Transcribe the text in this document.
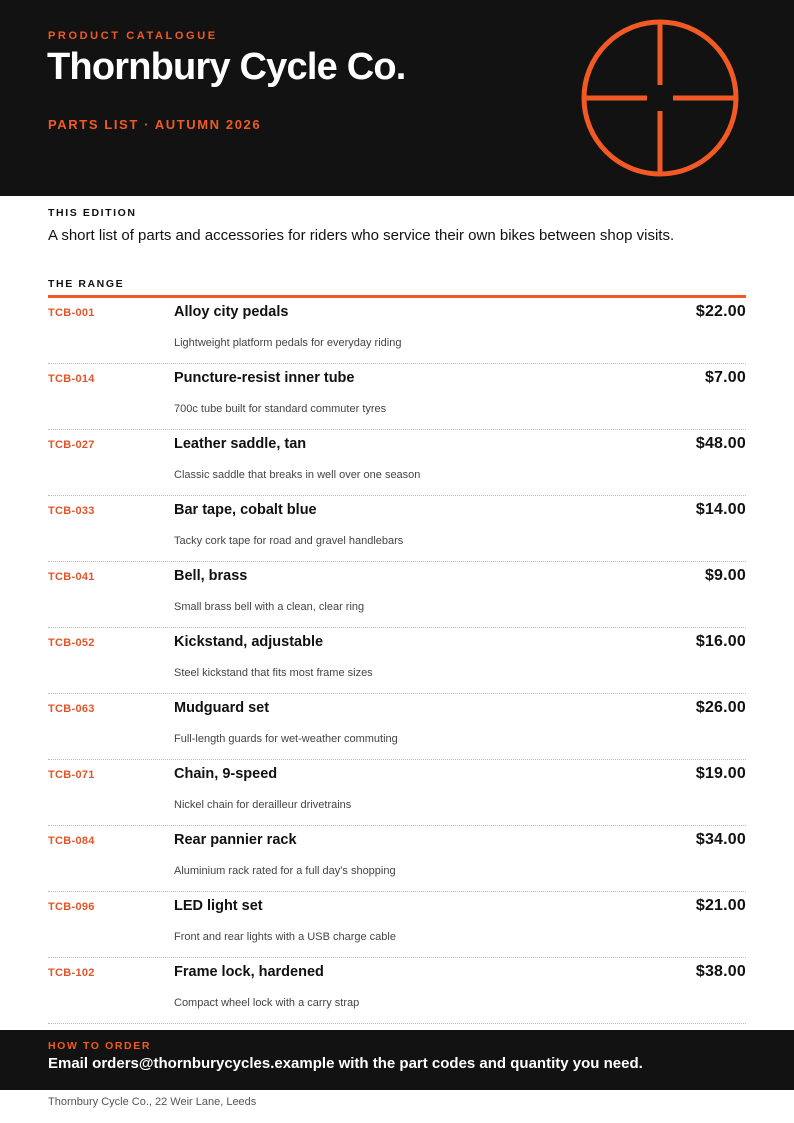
PRODUCT CATALOGUE
Thornbury Cycle Co.
PARTS LIST · AUTUMN 2026
THIS EDITION
A short list of parts and accessories for riders who service their own bikes between shop visits.
THE RANGE
TCB-001	Alloy city pedals
Lightweight platform pedals for everyday riding
$22.00
TCB-014	Puncture-resist inner tube
700c tube built for standard commuter tyres
$7.00
TCB-027	Leather saddle, tan
Classic saddle that breaks in well over one season
$48.00
TCB-033	Bar tape, cobalt blue
Tacky cork tape for road and gravel handlebars
$14.00
TCB-041	Bell, brass
Small brass bell with a clean, clear ring
$9.00
TCB-052	Kickstand, adjustable
Steel kickstand that fits most frame sizes
$16.00
TCB-063	Mudguard set
Full-length guards for wet-weather commuting
$26.00
TCB-071	Chain, 9-speed
Nickel chain for derailleur drivetrains
$19.00
TCB-084	Rear pannier rack
Aluminium rack rated for a full day's shopping
$34.00
TCB-096	LED light set
Front and rear lights with a USB charge cable
$21.00
TCB-102	Frame lock, hardened
Compact wheel lock with a carry strap
$38.00
HOW TO ORDER
Email orders@thornburycycles.example with the part codes and quantity you need.
Thornbury Cycle Co., 22 Weir Lane, Leeds
